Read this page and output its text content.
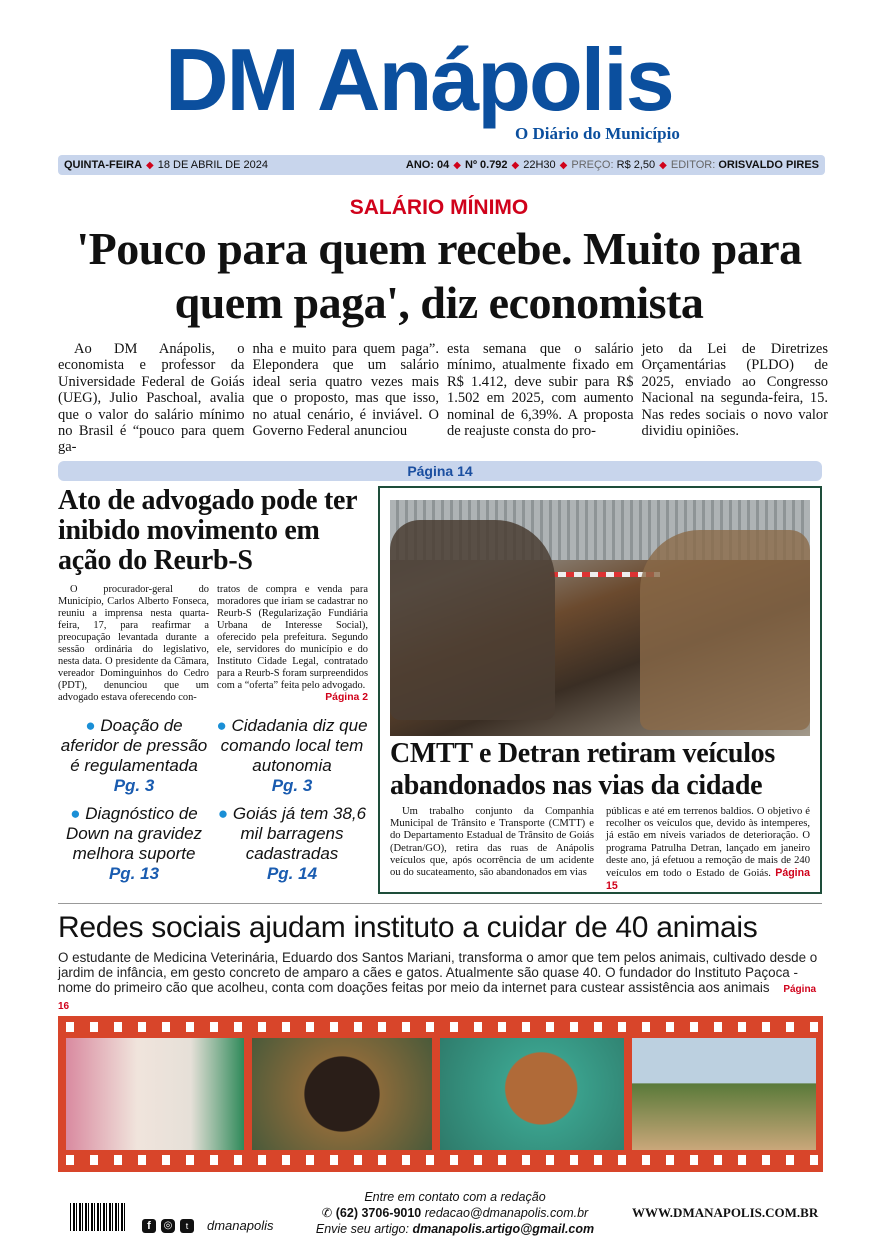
DM Anápolis
O Diário do Município
QUINTA-FEIRA ◆ 18 DE ABRIL DE 2024	ANO: 04 ◆ Nº 0.792 ◆ 22H30 ◆ PREÇO: R$ 2,50 ◆ EDITOR: ORISVALDO PIRES
SALÁRIO MÍNIMO
'Pouco para quem recebe. Muito para quem paga', diz economista

Ao DM Anápolis, o economista e professor da Universidade Federal de Goiás (UEG), Julio Paschoal, avalia que o valor do salário mínimo no Brasil é “pouco para quem ga-

nha e muito para quem paga”. Elepondera que um salário ideal seria quatro vezes mais que o proposto, mas que isso, no atual cenário, é inviável. O Governo Federal anunciou

esta semana que o salário mínimo, atualmente fixado em R$ 1.412, deve subir para R$ 1.502 em 2025, com aumento nominal de 6,39%. A proposta de reajuste consta do pro-

jeto da Lei de Diretrizes Orçamentárias (PLDO) de 2025, enviado ao Congresso Nacional na segunda-feira, 15. Nas redes sociais o novo valor dividiu opiniões.

Página 14
Ato de advogado pode ter inibido movimento em ação do Reurb-S

O procurador-geral do Município, Carlos Alberto Fonseca, reuniu a imprensa nesta quarta-feira, 17, para reafirmar a preocupação levantada durante a sessão ordinária do legislativo, nesta data. O presidente da Câmara, vereador Dominguinhos do Cedro (PDT), denunciou que um advogado estava oferecendo con-

tratos de compra e venda para moradores que iriam se cadastrar no Reurb-S (Regularização Fundiária Urbana de Interesse Social), oferecido pela prefeitura. Segundo ele, servidores do município e do Instituto Cidade Legal, contratado para a Reurb-S foram surpreendidos com a “oferta” feita pelo advogado.
Página 2

● Doação de aferidor de pressão é regulamentada
Pg. 3
● Cidadania diz que comando local tem autonomia
Pg. 3
● Diagnóstico de Down na gravidez melhora suporte
Pg. 13
● Goiás já tem 38,6 mil barragens cadastradas
Pg. 14
CMTT e Detran retiram veículos abandonados nas vias da cidade

Um trabalho conjunto da Companhia Municipal de Trânsito e Transporte (CMTT) e do Departamento Estadual de Trânsito de Goiás (Detran/GO), retira das ruas de Anápolis veículos que, após ocorrência de um acidente ou do sucateamento, são abandonados em vias

públicas e até em terrenos baldios. O objetivo é recolher os veículos que, devido às intemperes, já estão em níveis variados de deterioração. O programa Patrulha Detran, lançado em janeiro deste ano, já efetuou a remoção de mais de 240 veículos em todo o Estado de Goiás. Página 15

Redes sociais ajudam instituto a cuidar de 40 animais
O estudante de Medicina Veterinária, Eduardo dos Santos Mariani, transforma o amor que tem pelos animais, cultivado desde o jardim de infância, em gesto concreto de amparo a cães e gatos. Atualmente são quase 40. O fundador do Instituto Paçoca - nome do primeiro cão que acolheu, conta com doações feitas por meio da internet para custear assistência aos animais Página 16
f	◎	t	dmanapolis
Entre em contato com a redação
✆ (62) 3706-9010 redacao@dmanapolis.com.br
Envie seu artigo: dmanapolis.artigo@gmail.com
WWW.DMANAPOLIS.COM.BR
